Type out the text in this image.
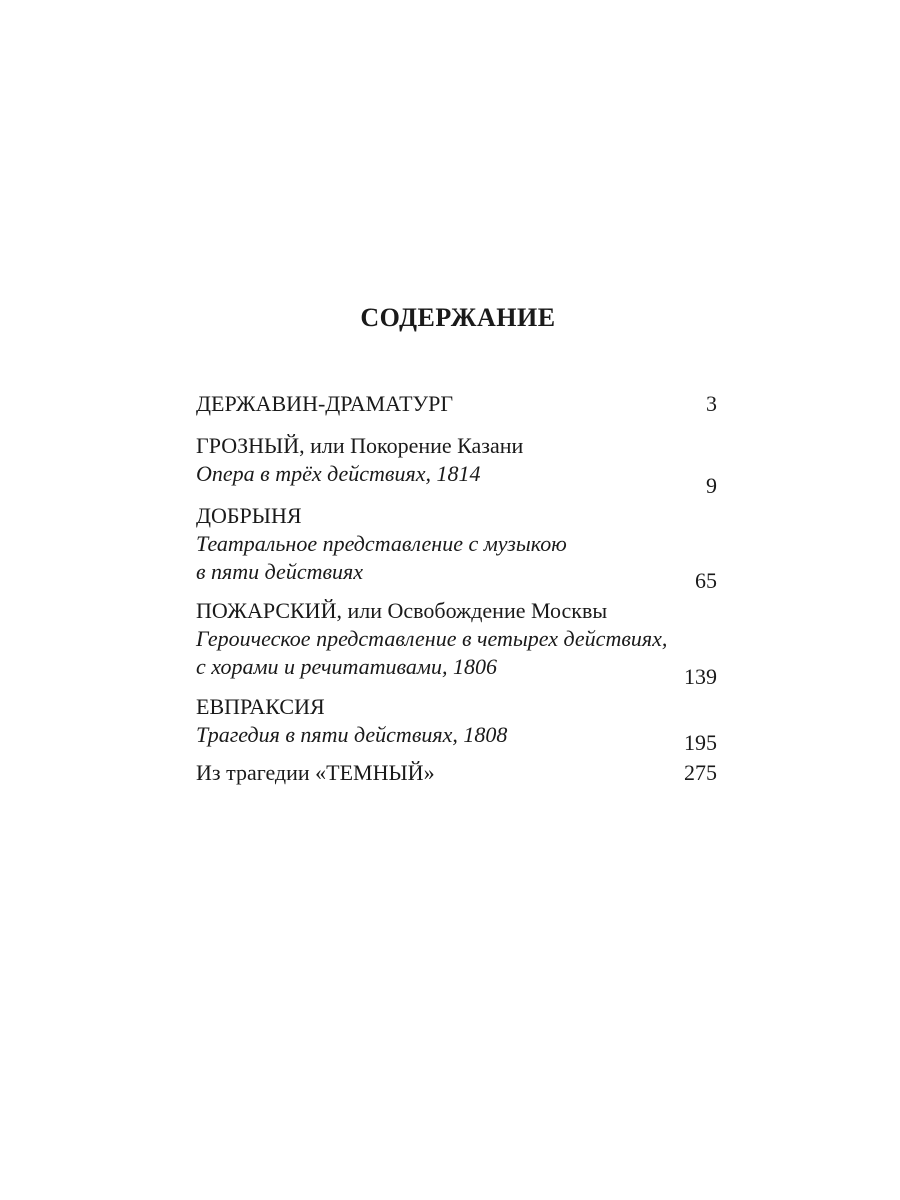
СОДЕРЖАНИЕ
ДЕРЖАВИН-ДРАМАТУРГ	3
ГРОЗНЫЙ, или Покорение Казани
Опера в трёх действиях, 1814	9
ДОБРЫНЯ
Театральное представление с музыкою
в пяти действиях	65
ПОЖАРСКИЙ, или Освобождение Москвы
Героическое представление в четырех действиях,
с хорами и речитативами, 1806	139
ЕВПРАКСИЯ
Трагедия в пяти действиях, 1808	195
Из трагедии «ТЕМНЫЙ»	275
